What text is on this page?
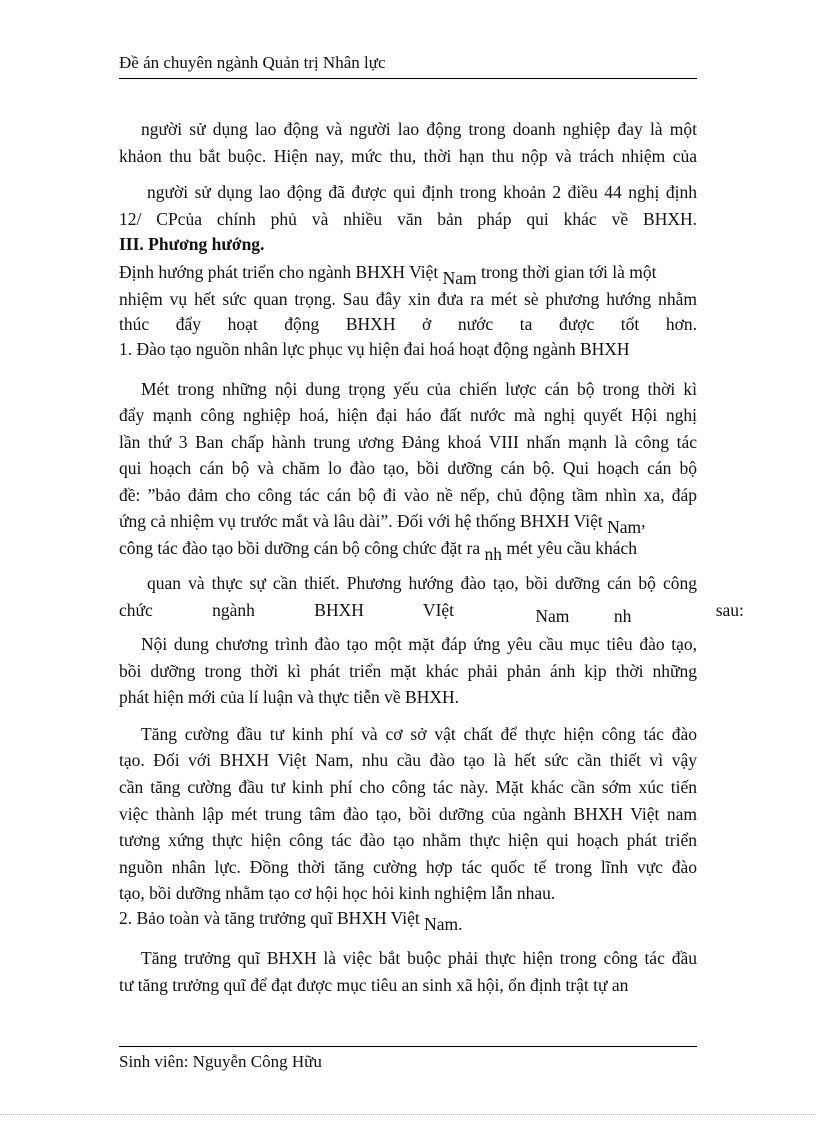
Đề án chuyên ngành Quản trị Nhân lực
người sử dụng lao động và người lao động trong doanh nghiệp đay là một
khảon thu bắt buộc. Hiện nay, mức thu, thời hạn thu nộp và trách nhiệm của
người sử dụng lao động đã được qui định trong khoản 2 điều 44 nghị định
12/ CPcủa chính phủ và nhiều văn bản pháp qui khác về BHXH.
III. Phương hướng.
Định hướng phát triển cho ngành BHXH Việt Nam trong thời gian tới là một
nhiệm vụ hết sức quan trọng. Sau đây xin đưa ra mét sè phương hướng nhằm
thúc đẩy hoạt động BHXH ở nước ta được tốt hơn.
1. Đào tạo nguồn nhân lực phục vụ hiện đai hoá hoạt động ngành BHXH
Mét trong những nội dung trọng yếu của chiến lược cán bộ trong thời kì
đẩy mạnh công nghiệp hoá, hiện đại háo đất nước mà nghị quyết Hội nghị
lần thứ 3 Ban chấp hành trung ương Đảng khoá VIII nhấn mạnh là công tác
qui hoạch cán bộ và chăm lo đào tạo, bồi dưỡng cán bộ. Qui hoạch cán bộ
đề: ”bảo đảm cho công tác cán bộ đi vào nề nếp, chủ động tầm nhìn xa, đáp
ứng cả nhiệm vụ trước mắt và lâu dài”. Đối với hệ thống BHXH Việt Nam,
công tác đào tạo bồi dưỡng cán bộ công chức đặt ra nh mét yêu cầu khách
quan và thực sự cần thiết. Phương hướng đào tạo, bồi dưỡng cán bộ công
chức ngành BHXH VIệt Nam nh	sau:
Nội dung chương trình đào tạo một mặt đáp ứng yêu cầu mục tiêu đào tạo,
bồi dưỡng trong thời kì phát triển mặt khác phải phản ánh kịp thời những
phát hiện mới của lí luận và thực tiễn về BHXH.
Tăng cường đầu tư kinh phí và cơ sở vật chất để thực hiện công tác đào
tạo. Đối với BHXH Việt Nam, nhu cầu đào tạo là hết sức cần thiết vì vậy
cần tăng cường đầu tư kinh phí cho công tác này. Mặt khác cần sớm xúc tiến
việc thành lập mét trung tâm đào tạo, bồi dưỡng của ngành BHXH Việt nam
tương xứng thực hiện công tác đào tạo nhằm thực hiện qui hoạch phát triển
nguồn nhân lực. Đồng thời tăng cường hợp tác quốc tế trong lĩnh vực đào
tạo, bồi dưỡng nhằm tạo cơ hội học hỏi kinh nghiệm lẫn nhau.
2. Bảo toàn và tăng trưởng quĩ BHXH Việt Nam.
Tăng trưởng quĩ BHXH là việc bắt buộc phải thực hiện trong công tác đầu
tư tăng trưởng quĩ để đạt được mục tiêu an sinh xã hội, ổn định trật tự an
Sinh viên: Nguyễn Công Hữu
